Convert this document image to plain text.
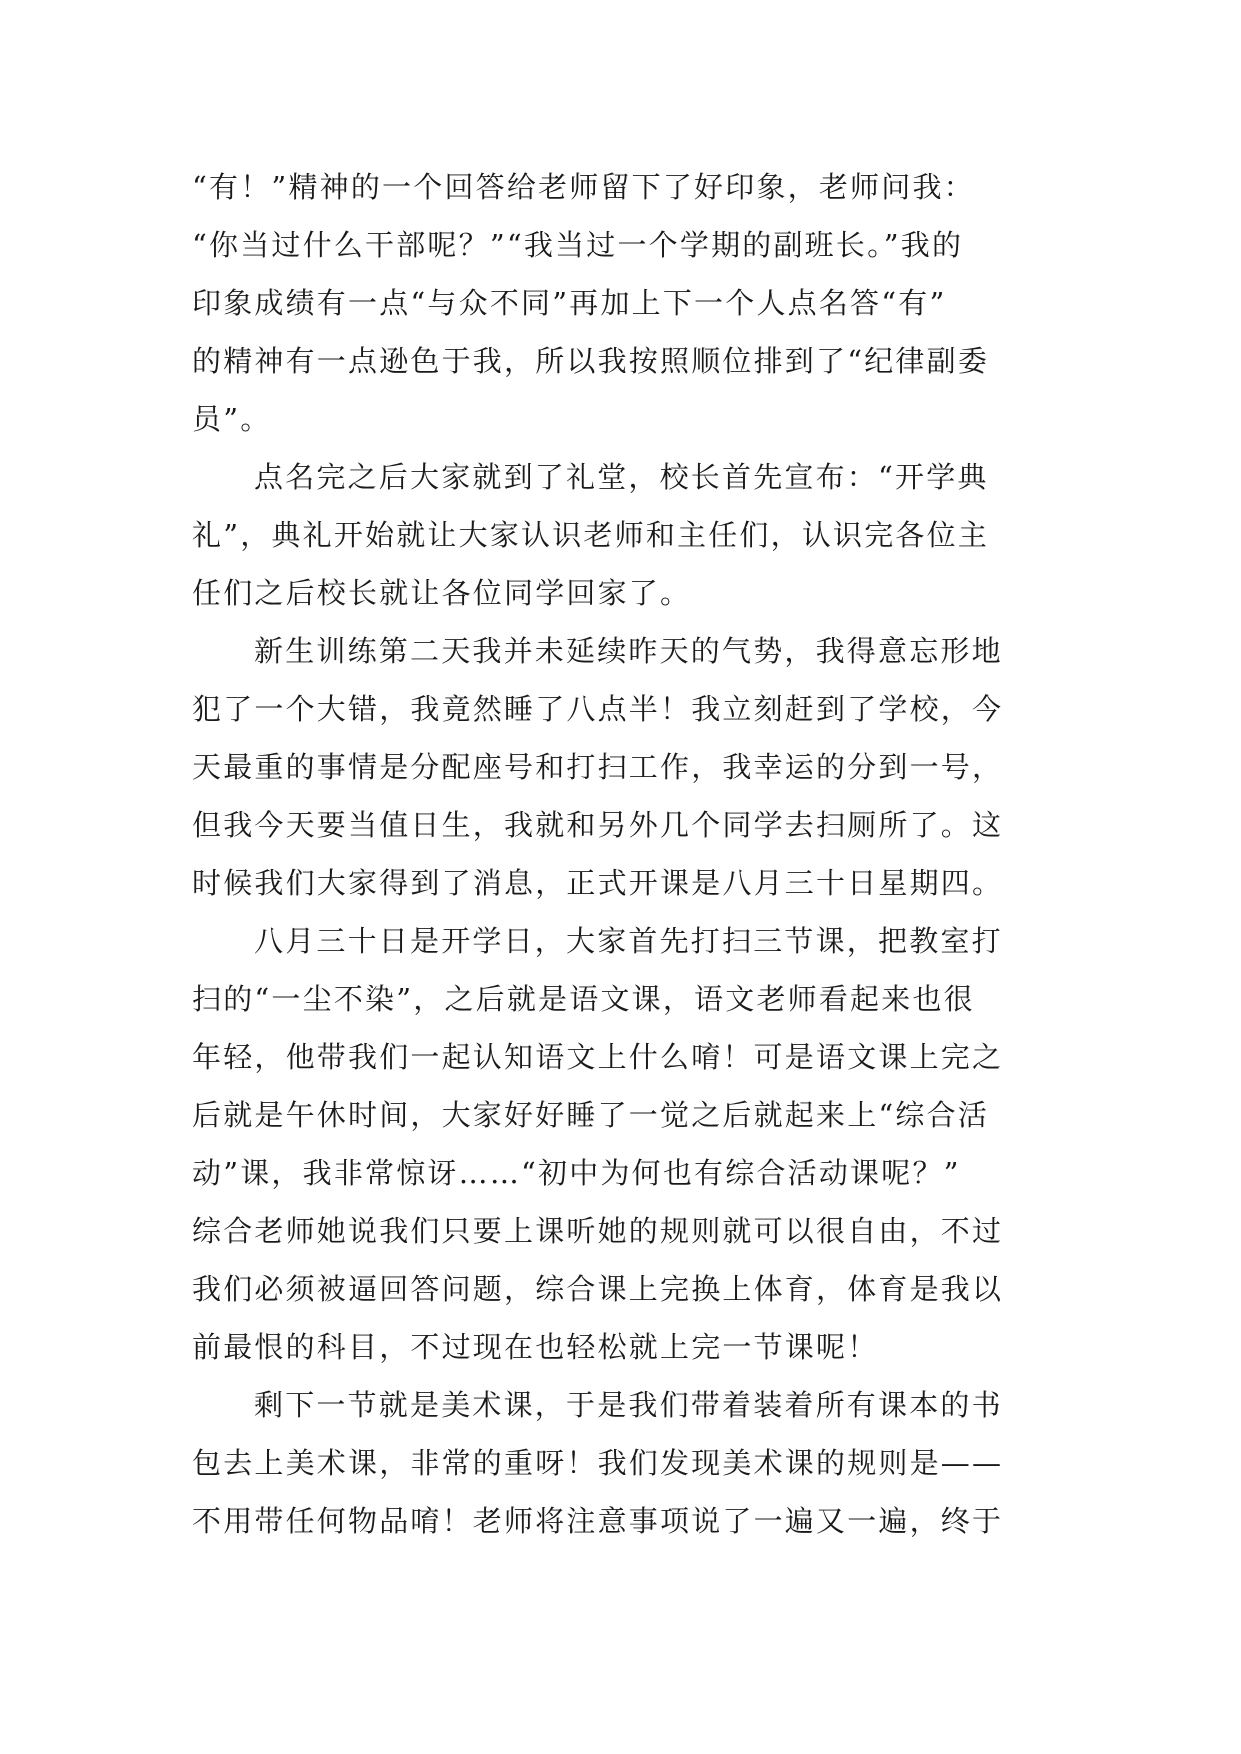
“有！”精神的一个回答给老师留下了好印象，老师问我：
“你当过什么干部呢？”“我当过一个学期的副班长。”我的
印象成绩有一点“与众不同”再加上下一个人点名答“有”
的精神有一点逊色于我，所以我按照顺位排到了“纪律副委
员”。
点名完之后大家就到了礼堂，校长首先宣布：“开学典
礼”，典礼开始就让大家认识老师和主任们，认识完各位主
任们之后校长就让各位同学回家了。
新生训练第二天我并未延续昨天的气势，我得意忘形地
犯了一个大错，我竟然睡了八点半！我立刻赶到了学校，今
天最重的事情是分配座号和打扫工作，我幸运的分到一号，
但我今天要当值日生，我就和另外几个同学去扫厕所了。这
时候我们大家得到了消息，正式开课是八月三十日星期四。
八月三十日是开学日，大家首先打扫三节课，把教室打
扫的“一尘不染”，之后就是语文课，语文老师看起来也很
年轻，他带我们一起认知语文上什么唷！可是语文课上完之
后就是午休时间，大家好好睡了一觉之后就起来上“综合活
动”课，我非常惊讶……“初中为何也有综合活动课呢？”
综合老师她说我们只要上课听她的规则就可以很自由，不过
我们必须被逼回答问题，综合课上完换上体育，体育是我以
前最恨的科目，不过现在也轻松就上完一节课呢！
剩下一节就是美术课，于是我们带着装着所有课本的书
包去上美术课，非常的重呀！我们发现美术课的规则是——
不用带任何物品唷！老师将注意事项说了一遍又一遍，终于
